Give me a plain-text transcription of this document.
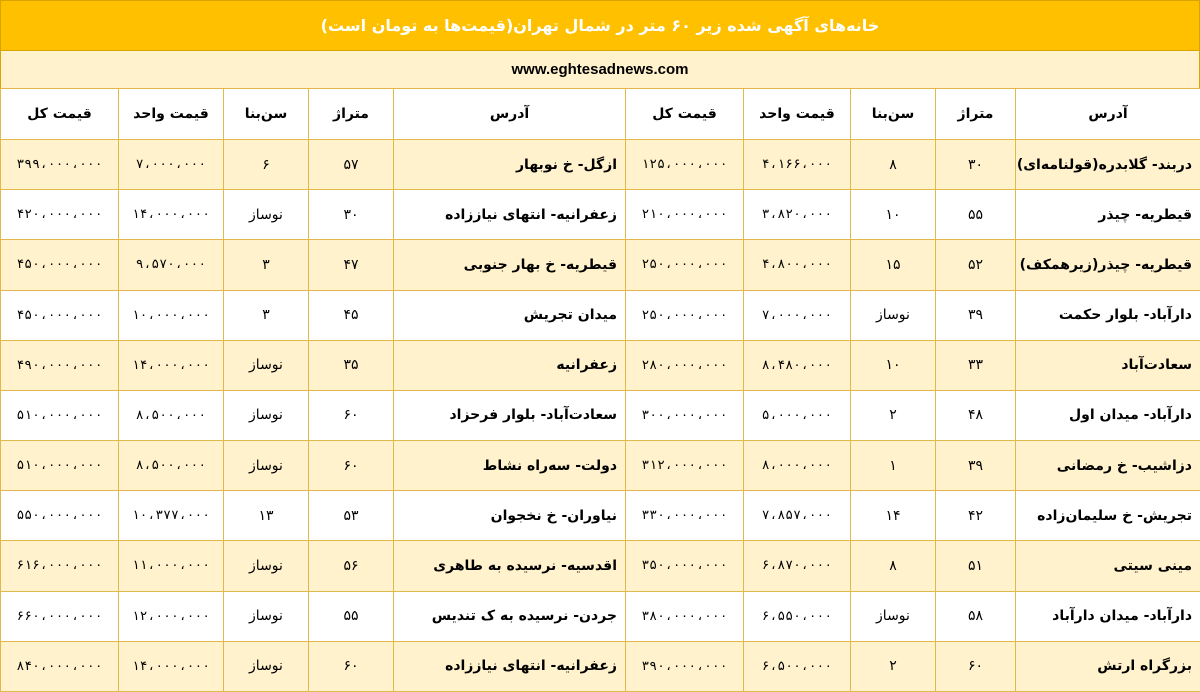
خانه‌های آگهی شده زیر ۶۰ متر در شمال تهران(قیمت‌ها به تومان است)
www.eghtesadnews.com
قیمت کل	قیمت واحد	سن‌بنا	متراژ	آدرس	قیمت کل	قیمت واحد	سن‌بنا	متراژ	آدرس
۳۹۹،۰۰۰،۰۰۰	۷،۰۰۰،۰۰۰	۶	۵۷	ازگل- خ نوبهار	۱۲۵،۰۰۰،۰۰۰	۴،۱۶۶،۰۰۰	۸	۳۰	دربند- گلابدره(قولنامه‌ای)
۴۲۰،۰۰۰،۰۰۰	۱۴،۰۰۰،۰۰۰	نوساز	۳۰	زعفرانیه- انتهای نیاززاده	۲۱۰،۰۰۰،۰۰۰	۳،۸۲۰،۰۰۰	۱۰	۵۵	قیطریه- چیذر
۴۵۰،۰۰۰،۰۰۰	۹،۵۷۰،۰۰۰	۳	۴۷	قیطریه- خ بهار جنوبی	۲۵۰،۰۰۰،۰۰۰	۴،۸۰۰،۰۰۰	۱۵	۵۲	قیطریه- چیذر(زیرهمکف)
۴۵۰،۰۰۰،۰۰۰	۱۰،۰۰۰،۰۰۰	۳	۴۵	میدان تجریش	۲۵۰،۰۰۰،۰۰۰	۷،۰۰۰،۰۰۰	نوساز	۳۹	دارآباد- بلوار حکمت
۴۹۰،۰۰۰،۰۰۰	۱۴،۰۰۰،۰۰۰	نوساز	۳۵	زعفرانیه	۲۸۰،۰۰۰،۰۰۰	۸،۴۸۰،۰۰۰	۱۰	۳۳	سعادت‌آباد
۵۱۰،۰۰۰،۰۰۰	۸،۵۰۰،۰۰۰	نوساز	۶۰	سعادت‌آباد- بلوار فرحزاد	۳۰۰،۰۰۰،۰۰۰	۵،۰۰۰،۰۰۰	۲	۴۸	دارآباد- میدان اول
۵۱۰،۰۰۰،۰۰۰	۸،۵۰۰،۰۰۰	نوساز	۶۰	دولت- سه‌راه نشاط	۳۱۲،۰۰۰،۰۰۰	۸،۰۰۰،۰۰۰	۱	۳۹	دزاشیب- خ رمضانی
۵۵۰،۰۰۰،۰۰۰	۱۰،۳۷۷،۰۰۰	۱۳	۵۳	نیاوران- خ نخجوان	۳۳۰،۰۰۰،۰۰۰	۷،۸۵۷،۰۰۰	۱۴	۴۲	تجریش- خ سلیمان‌زاده
۶۱۶،۰۰۰،۰۰۰	۱۱،۰۰۰،۰۰۰	نوساز	۵۶	اقدسیه- نرسیده به طاهری	۳۵۰،۰۰۰،۰۰۰	۶،۸۷۰،۰۰۰	۸	۵۱	مینی سیتی
۶۶۰،۰۰۰،۰۰۰	۱۲،۰۰۰،۰۰۰	نوساز	۵۵	جردن- نرسیده به ک تندیس	۳۸۰،۰۰۰،۰۰۰	۶،۵۵۰،۰۰۰	نوساز	۵۸	دارآباد- میدان دارآباد
۸۴۰،۰۰۰،۰۰۰	۱۴،۰۰۰،۰۰۰	نوساز	۶۰	زعفرانیه- انتهای نیاززاده	۳۹۰،۰۰۰،۰۰۰	۶،۵۰۰،۰۰۰	۲	۶۰	بزرگراه ارتش
